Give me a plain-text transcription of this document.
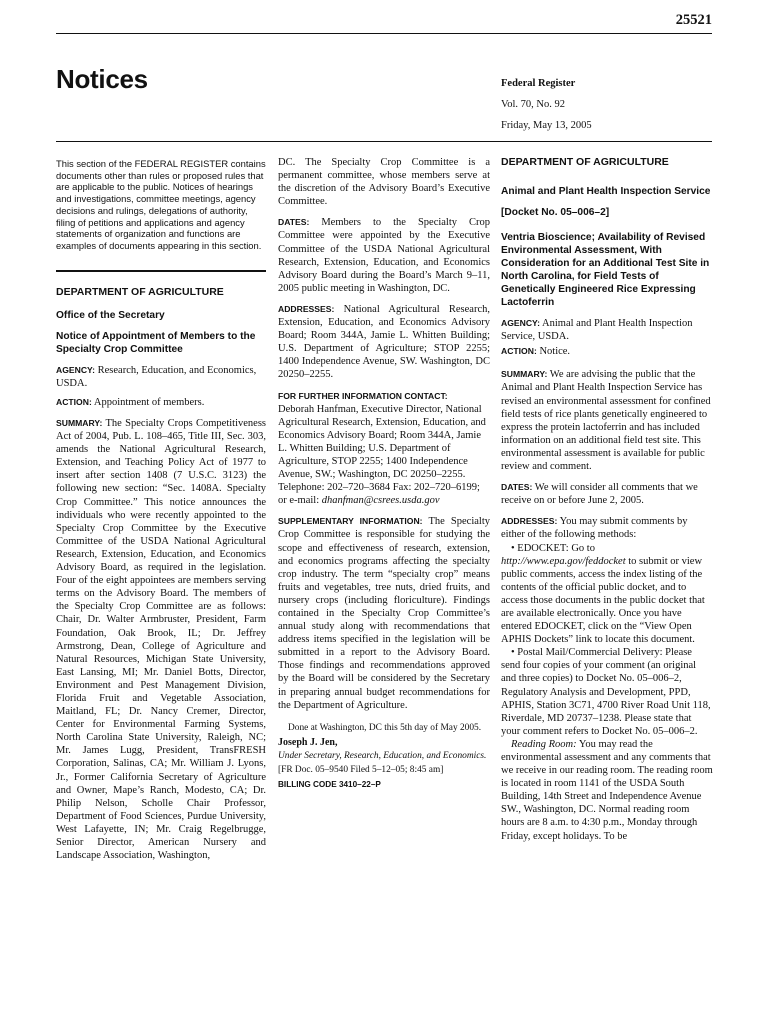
25521
Notices	Federal Register
Vol. 70, No. 92
Friday, May 13, 2005
This section of the FEDERAL REGISTER contains documents other than rules or proposed rules that are applicable to the public. Notices of hearings and investigations, committee meetings, agency decisions and rulings, delegations of authority, filing of petitions and applications and agency statements of organization and functions are examples of documents appearing in this section.
DEPARTMENT OF AGRICULTURE
Office of the Secretary
Notice of Appointment of Members to the Specialty Crop Committee

AGENCY: Research, Education, and Economics, USDA.

ACTION: Appointment of members.

SUMMARY: The Specialty Crops Competitiveness Act of 2004, Pub. L. 108–465, Title III, Sec. 303, amends the National Agricultural Research, Extension, and Teaching Policy Act of 1977 to insert after section 1408 (7 U.S.C. 3123) the following new section: “Sec. 1408A. Specialty Crop Committee.” This notice announces the individuals who were recently appointed to the Specialty Crop Committee by the Executive Committee of the USDA National Agricultural Research, Extension, Education, and Economics Advisory Board, as required in the legislation. Four of the eight appointees are members serving terms on the Advisory Board. The members of the Specialty Crop Committee are as follows: Chair, Dr. Walter Armbruster, President, Farm Foundation, Oak Brook, IL; Dr. Jeffrey Armstrong, Dean, College of Agriculture and Natural Resources, Michigan State University, East Lansing, MI; Mr. Daniel Botts, Director, Environment and Pest Management Division, Florida Fruit and Vegetable Association, Maitland, FL; Dr. Nancy Cremer, Director, Center for Environmental Farming Systems, North Carolina State University, Raleigh, NC; Mr. James Lugg, President, TransFRESH Corporation, Salinas, CA; Mr. William J. Lyons, Jr., Former California Secretary of Agriculture and Owner, Mape’s Ranch, Modesto, CA; Dr. Philip Nelson, Scholle Chair Professor, Department of Food Sciences, Purdue University, West Lafayette, IN; Mr. Craig Regelbrugge, Senior Director, American Nursery and Landscape Association, Washington,

DC. The Specialty Crop Committee is a permanent committee, whose members serve at the discretion of the Advisory Board’s Executive Committee.

DATES: Members to the Specialty Crop Committee were appointed by the Executive Committee of the USDA National Agricultural Research, Extension, Education, and Economics Advisory Board during the Board’s March 9–11, 2005 public meeting in Washington, DC.

ADDRESSES: National Agricultural Research, Extension, Education, and Economics Advisory Board; Room 344A, Jamie L. Whitten Building; U.S. Department of Agriculture; STOP 2255; 1400 Independence Avenue, SW. Washington, DC 20250–2255.

FOR FURTHER INFORMATION CONTACT:
Deborah Hanfman, Executive Director, National Agricultural Research, Extension, Education, and Economics Advisory Board; Room 344A, Jamie L. Whitten Building; U.S. Department of Agriculture, STOP 2255; 1400 Independence Avenue, SW.; Washington, DC 20250–2255. Telephone: 202–720–3684 Fax: 202–720–6199; or e-mail: dhanfman@csrees.usda.gov

SUPPLEMENTARY INFORMATION: The Specialty Crop Committee is responsible for studying the scope and effectiveness of research, extension, and economics programs affecting the specialty crop industry. The term “specialty crop” means fruits and vegetables, tree nuts, dried fruits, and nursery crops (including floriculture). Findings contained in the Specialty Crop Committee’s annual study along with recommendations that address items specified in the legislation will be submitted in a report to the Advisory Board. Those findings and recommendations approved by the Board will be considered by the Secretary in preparing annual budget recommendations for the Department of Agriculture.

Done at Washington, DC this 5th day of May 2005.
Joseph J. Jen,
Under Secretary, Research, Education, and Economics.
[FR Doc. 05–9540 Filed 5–12–05; 8:45 am]
BILLING CODE 3410–22–P
DEPARTMENT OF AGRICULTURE
Animal and Plant Health Inspection Service
[Docket No. 05–006–2]
Ventria Bioscience; Availability of Revised Environmental Assessment, With Consideration for an Additional Test Site in North Carolina, for Field Tests of Genetically Engineered Rice Expressing Lactoferrin

AGENCY: Animal and Plant Health Inspection Service, USDA.

ACTION: Notice.

SUMMARY: We are advising the public that the Animal and Plant Health Inspection Service has revised an environmental assessment for confined field tests of rice plants genetically engineered to express the protein lactoferrin and has included information on an additional field test site. This environmental assessment is available for public review and comment.

DATES: We will consider all comments that we receive on or before June 2, 2005.

ADDRESSES: You may submit comments by either of the following methods:

• EDOCKET: Go to http://www.epa.gov/feddocket to submit or view public comments, access the index listing of the contents of the official public docket, and to access those documents in the public docket that are available electronically. Once you have entered EDOCKET, click on the “View Open APHIS Dockets” link to locate this document.

• Postal Mail/Commercial Delivery: Please send four copies of your comment (an original and three copies) to Docket No. 05–006–2, Regulatory Analysis and Development, PPD, APHIS, Station 3C71, 4700 River Road Unit 118, Riverdale, MD 20737–1238. Please state that your comment refers to Docket No. 05–006–2.

Reading Room: You may read the environmental assessment and any comments that we receive in our reading room. The reading room is located in room 1141 of the USDA South Building, 14th Street and Independence Avenue SW., Washington, DC. Normal reading room hours are 8 a.m. to 4:30 p.m., Monday through Friday, except holidays. To be
